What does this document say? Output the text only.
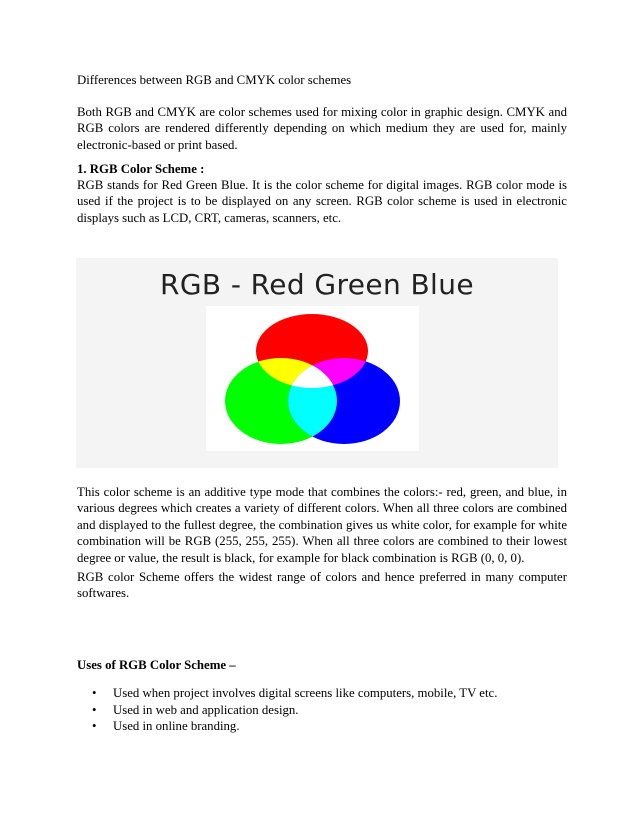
Differences between RGB and CMYK color schemes

Both RGB and CMYK are color schemes used for mixing color in graphic design. CMYK and RGB colors are rendered differently depending on which medium they are used for, mainly electronic-based or print based.

1. RGB Color Scheme :

RGB stands for Red Green Blue. It is the color scheme for digital images. RGB color mode is used if the project is to be displayed on any screen. RGB color scheme is used in electronic displays such as LCD, CRT, cameras, scanners, etc.

RGB - Red Green Blue

This color scheme is an additive type mode that combines the colors:- red, green, and blue, in various degrees which creates a variety of different colors. When all three colors are combined and displayed to the fullest degree, the combination gives us white color, for example for white combination will be RGB (255, 255, 255). When all three colors are combined to their lowest degree or value, the result is black, for example for black combination is RGB (0, 0, 0).

RGB color Scheme offers the widest range of colors and hence preferred in many computer softwares.

Uses of RGB Color Scheme –

• Used when project involves digital screens like computers, mobile, TV etc.
• Used in web and application design.
• Used in online branding.
